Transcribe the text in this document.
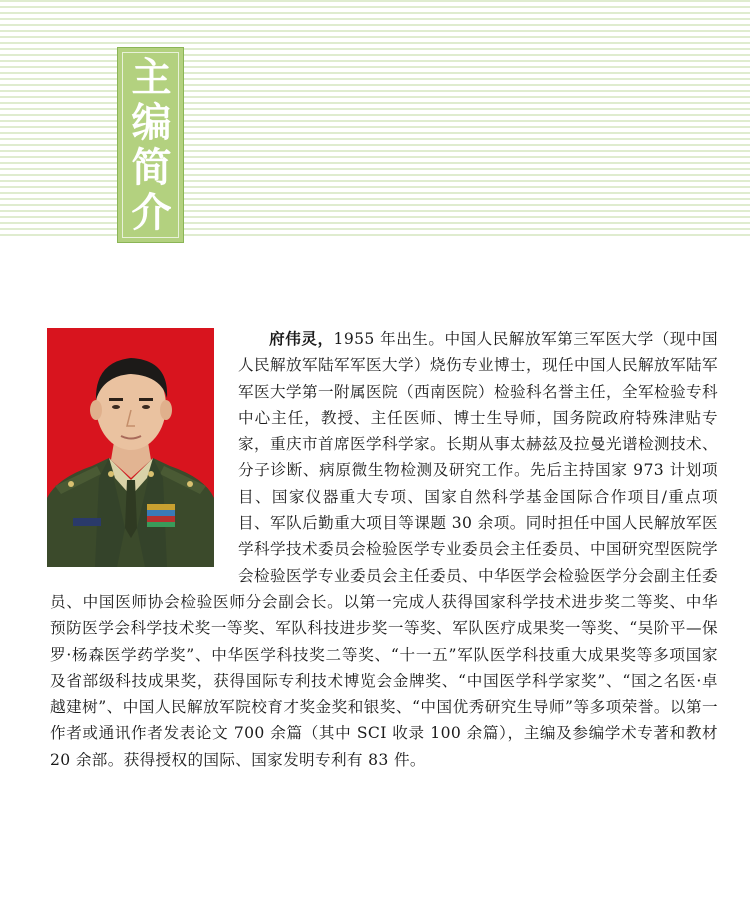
主
编
简
介

府伟灵，1955 年出生。中国人民解放军第三军医大学（现中国人民解放军陆军军医大学）烧伤专业博士，现任中国人民解放军陆军军医大学第一附属医院（西南医院）检验科名誉主任，全军检验专科中心主任，教授、主任医师、博士生导师，国务院政府特殊津贴专家，重庆市首席医学科学家。长期从事太赫兹及拉曼光谱检测技术、分子诊断、病原微生物检测及研究工作。先后主持国家 973 计划项目、国家仪器重大专项、国家自然科学基金国际合作项目/重点项目、军队后勤重大项目等课题 30 余项。同时担任中国人民解放军医学科学技术委员会检验医学专业委员会主任委员、中国研究型医院学会检验医学专业委员会主任委员、中华医学会检验医学分会副主任委员、中国医师协会检验医师分会副会长。以第一完成人获得国家科学技术进步奖二等奖、中华预防医学会科学技术奖一等奖、军队科技进步奖一等奖、军队医疗成果奖一等奖、“吴阶平—保罗·杨森医学药学奖”、中华医学科技奖二等奖、“十一五”军队医学科技重大成果奖等多项国家及省部级科技成果奖，获得国际专利技术博览会金牌奖、“中国医学科学家奖”、“国之名医·卓越建树”、中国人民解放军院校育才奖金奖和银奖、“中国优秀研究生导师”等多项荣誉。以第一作者或通讯作者发表论文 700 余篇（其中 SCI 收录 100 余篇），主编及参编学术专著和教材 20 余部。获得授权的国际、国家发明专利有 83 件。
